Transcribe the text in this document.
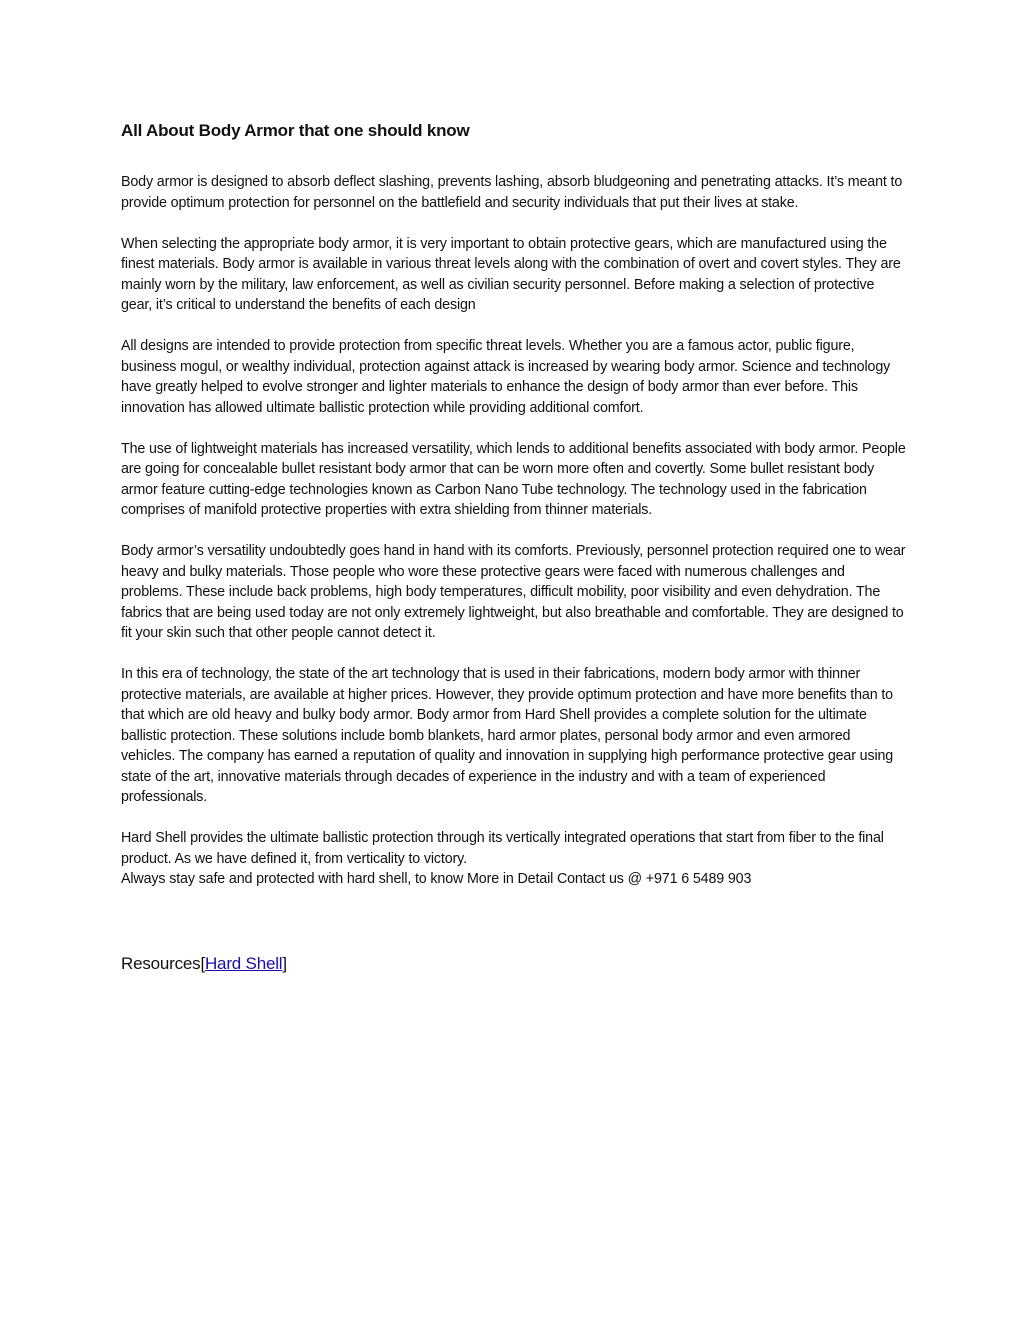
All About Body Armor that one should know

Body armor is designed to absorb deflect slashing, prevents lashing, absorb bludgeoning and penetrating attacks. It’s meant to provide optimum protection for personnel on the battlefield and security individuals that put their lives at stake.

When selecting the appropriate body armor, it is very important to obtain protective gears, which are manufactured using the finest materials. Body armor is available in various threat levels along with the combination of overt and covert styles. They are mainly worn by the military, law enforcement, as well as civilian security personnel. Before making a selection of protective gear, it’s critical to understand the benefits of each design

All designs are intended to provide protection from specific threat levels. Whether you are a famous actor, public figure, business mogul, or wealthy individual, protection against attack is increased by wearing body armor. Science and technology have greatly helped to evolve stronger and lighter materials to enhance the design of body armor than ever before. This innovation has allowed ultimate ballistic protection while providing additional comfort.

The use of lightweight materials has increased versatility, which lends to additional benefits associated with body armor. People are going for concealable bullet resistant body armor that can be worn more often and covertly. Some bullet resistant body armor feature cutting-edge technologies known as Carbon Nano Tube technology. The technology used in the fabrication comprises of manifold protective properties with extra shielding from thinner materials.

Body armor’s versatility undoubtedly goes hand in hand with its comforts. Previously, personnel protection required one to wear heavy and bulky materials. Those people who wore these protective gears were faced with numerous challenges and problems. These include back problems, high body temperatures, difficult mobility, poor visibility and even dehydration. The fabrics that are being used today are not only extremely lightweight, but also breathable and comfortable. They are designed to fit your skin such that other people cannot detect it.

In this era of technology, the state of the art technology that is used in their fabrications, modern body armor with thinner protective materials, are available at higher prices. However, they provide optimum protection and have more benefits than to that which are old heavy and bulky body armor. Body armor from Hard Shell provides a complete solution for the ultimate ballistic protection. These solutions include bomb blankets, hard armor plates, personal body armor and even armored vehicles. The company has earned a reputation of quality and innovation in supplying high performance protective gear using state of the art, innovative materials through decades of experience in the industry and with a team of experienced professionals.

Hard Shell provides the ultimate ballistic protection through its vertically integrated operations that start from fiber to the final product. As we have defined it, from verticality to victory.

Always stay safe and protected with hard shell, to know More in Detail Contact us @ +971 6 5489 903

Resources[Hard Shell]
